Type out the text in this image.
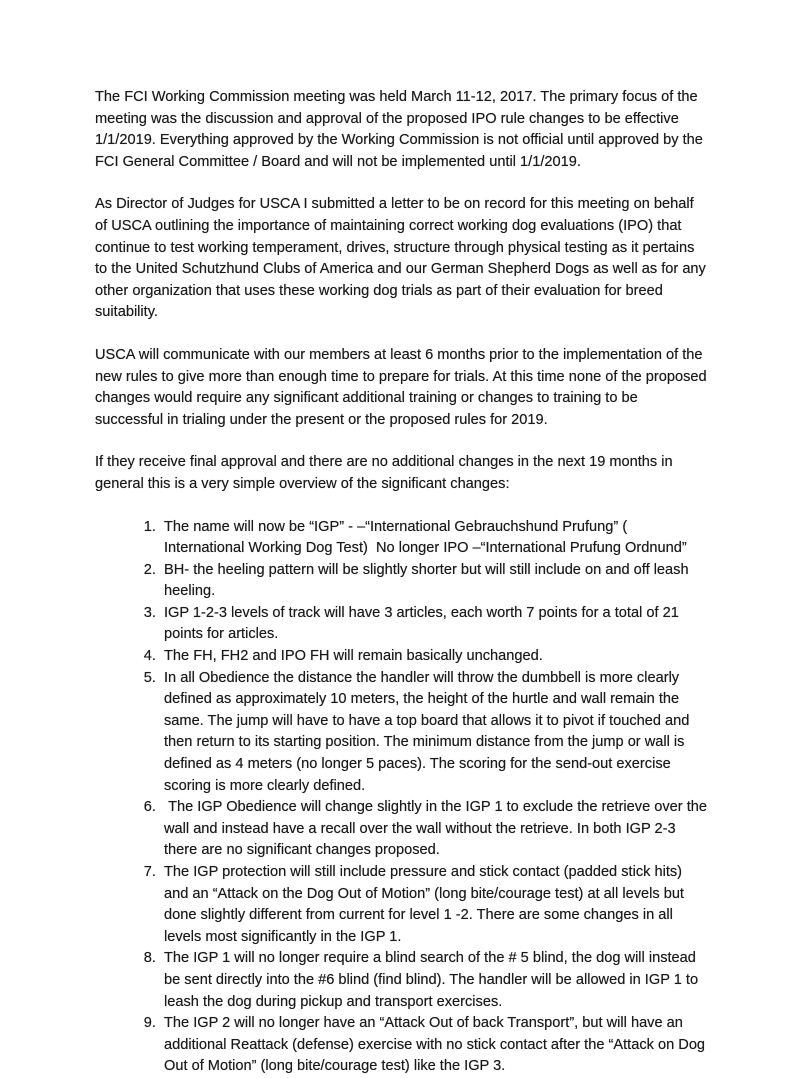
The FCI Working Commission meeting was held March 11-12, 2017. The primary focus of the meeting was the discussion and approval of the proposed IPO rule changes to be effective 1/1/2019. Everything approved by the Working Commission is not official until approved by the FCI General Committee / Board and will not be implemented until 1/1/2019.

As Director of Judges for USCA I submitted a letter to be on record for this meeting on behalf of USCA outlining the importance of maintaining correct working dog evaluations (IPO) that continue to test working temperament, drives, structure through physical testing as it pertains to the United Schutzhund Clubs of America and our German Shepherd Dogs as well as for any other organization that uses these working dog trials as part of their evaluation for breed suitability.

USCA will communicate with our members at least 6 months prior to the implementation of the new rules to give more than enough time to prepare for trials. At this time none of the proposed changes would require any significant additional training or changes to training to be successful in trialing under the present or the proposed rules for 2019.

If they receive final approval and there are no additional changes in the next 19 months in general this is a very simple overview of the significant changes:

1. The name will now be “IGP” - –“International Gebrauchshund Prufung” ( International Working Dog Test)  No longer IPO –“International Prufung Ordnund”
2. BH- the heeling pattern will be slightly shorter but will still include on and off leash heeling.
3. IGP 1-2-3 levels of track will have 3 articles, each worth 7 points for a total of 21 points for articles.
4. The FH, FH2 and IPO FH will remain basically unchanged.
5. In all Obedience the distance the handler will throw the dumbbell is more clearly defined as approximately 10 meters, the height of the hurtle and wall remain the same. The jump will have to have a top board that allows it to pivot if touched and then return to its starting position. The minimum distance from the jump or wall is defined as 4 meters (no longer 5 paces). The scoring for the send-out exercise scoring is more clearly defined.
6.  The IGP Obedience will change slightly in the IGP 1 to exclude the retrieve over the wall and instead have a recall over the wall without the retrieve. In both IGP 2-3 there are no significant changes proposed.
7. The IGP protection will still include pressure and stick contact (padded stick hits) and an “Attack on the Dog Out of Motion” (long bite/courage test) at all levels but done slightly different from current for level 1 -2. There are some changes in all levels most significantly in the IGP 1.
8. The IGP 1 will no longer require a blind search of the # 5 blind, the dog will instead be sent directly into the #6 blind (find blind). The handler will be allowed in IGP 1 to leash the dog during pickup and transport exercises.
9. The IGP 2 will no longer have an “Attack Out of back Transport”, but will have an additional Reattack (defense) exercise with no stick contact after the “Attack on Dog Out of Motion” (long bite/courage test) like the IGP 3.
